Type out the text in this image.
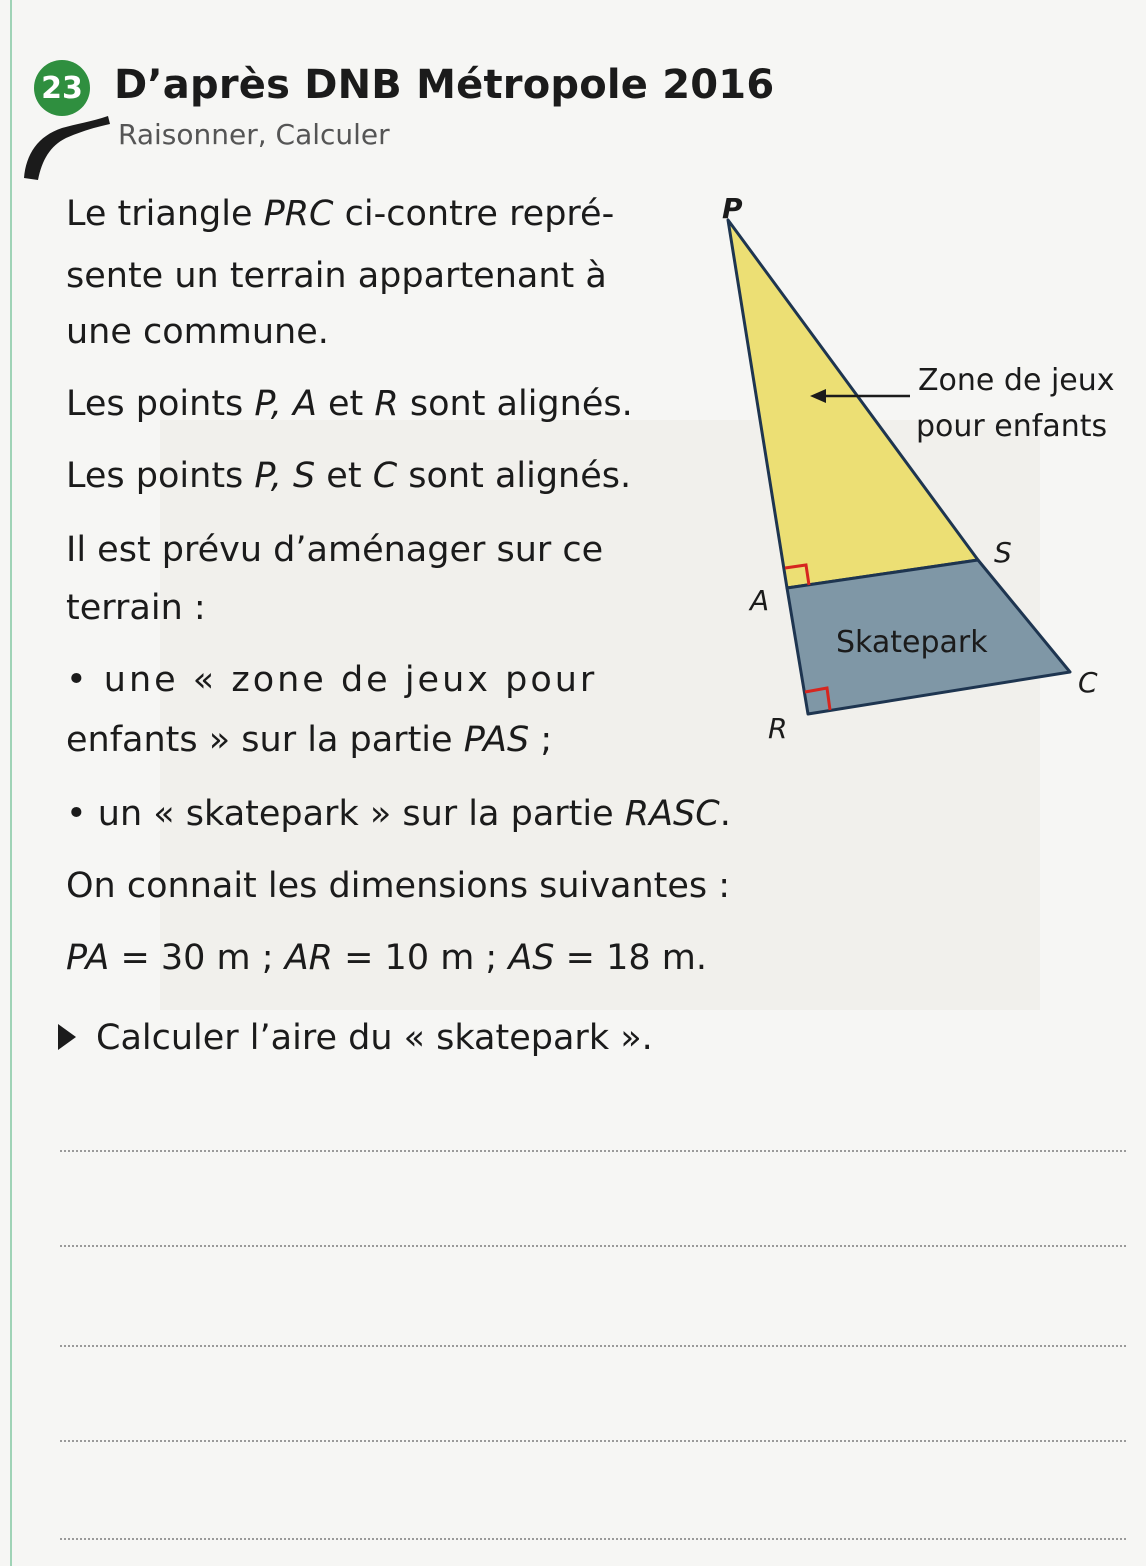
23 D’après DNB Métropole 2016
Raisonner, Calculer
Le triangle PRC ci-contre repré-
sente un terrain appartenant à
une commune.
Les points P, A et R sont alignés.
Les points P, S et C sont alignés.
Il est prévu d’aménager sur ce
terrain :
• une « zone de jeux pour
enfants » sur la partie PAS ;
• un « skatepark » sur la partie RASC.
On connait les dimensions suivantes :
PA = 30 m ; AR = 10 m ; AS = 18 m.
Calculer l’aire du « skatepark ».
P
A
R
S
C
Zone de jeux
pour enfants
Skatepark
